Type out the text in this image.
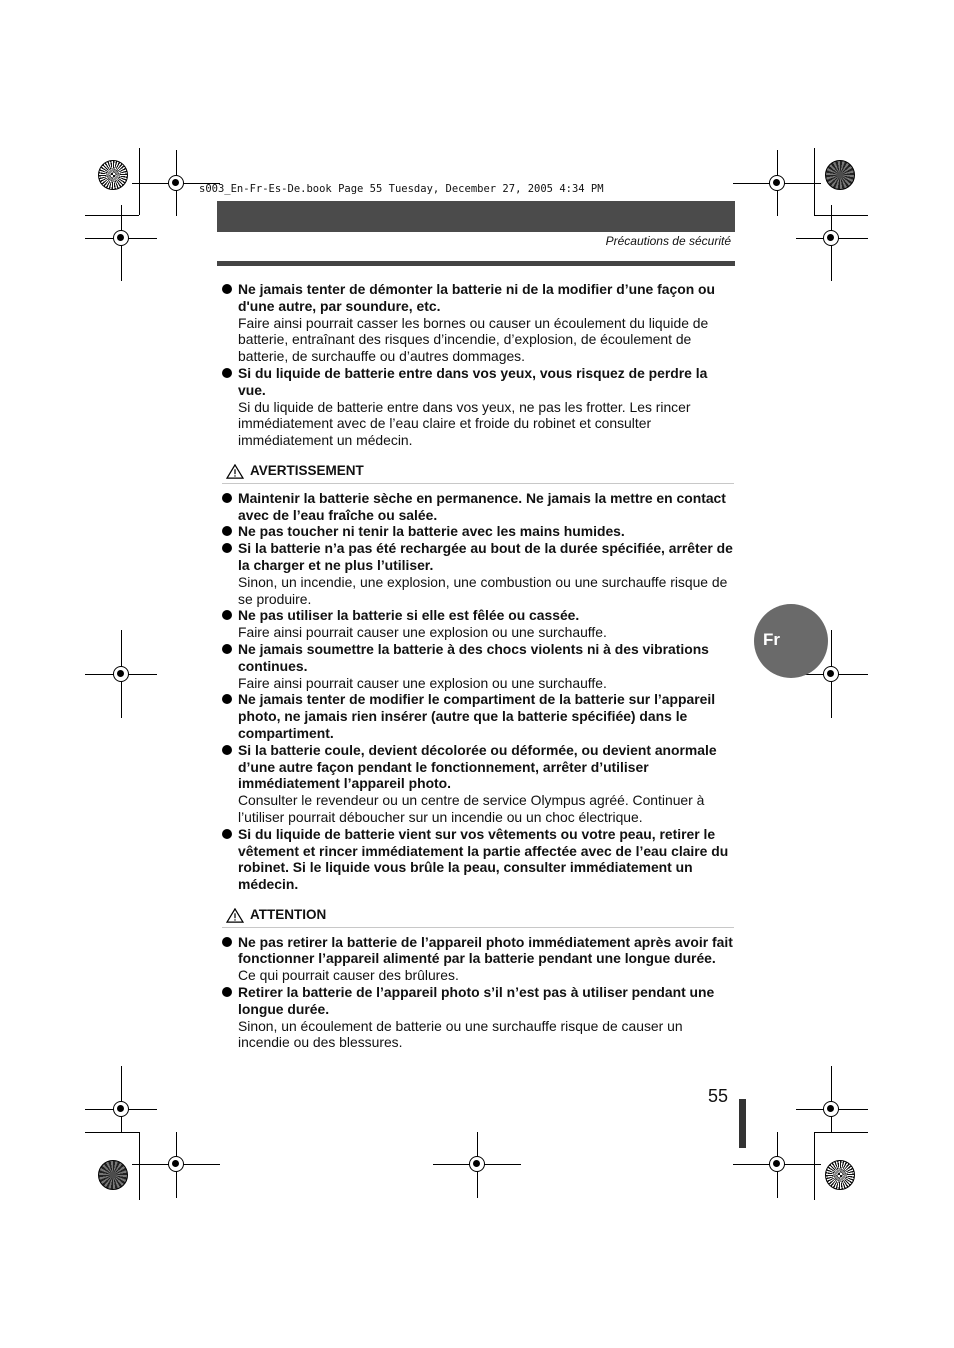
s003_En-Fr-Es-De.book Page 55 Tuesday, December 27, 2005 4:34 PM
Précautions de sécurité
Ne jamais tenter de démonter la batterie ni de la modifier d’une façon ou d'une autre, par soundure, etc.
Faire ainsi pourrait casser les bornes ou causer un écoulement du liquide de batterie, entraînant des risques d’incendie, d’explosion, de écoulement de batterie, de surchauffe ou d’autres dommages.
Si du liquide de batterie entre dans vos yeux, vous risquez de perdre la vue.
Si du liquide de batterie entre dans vos yeux, ne pas les frotter. Les rincer immédiatement avec de l’eau claire et froide du robinet et consulter immédiatement un médecin.
AVERTISSEMENT
Maintenir la batterie sèche en permanence. Ne jamais la mettre en contact avec de l’eau fraîche ou salée.
Ne pas toucher ni tenir la batterie avec les mains humides.
Si la batterie n’a pas été rechargée au bout de la durée spécifiée, arrêter de la charger et ne plus l’utiliser.
Sinon, un incendie, une explosion, une combustion ou une surchauffe risque de se produire.
Ne pas utiliser la batterie si elle est fêlée ou cassée.
Faire ainsi pourrait causer une explosion ou une surchauffe.
Ne jamais soumettre la batterie à des chocs violents ni à des vibrations continues.
Faire ainsi pourrait causer une explosion ou une surchauffe.
Ne jamais tenter de modifier le compartiment de la batterie sur l’appareil photo, ne jamais rien insérer (autre que la batterie spécifiée) dans le compartiment.
Si la batterie coule, devient décolorée ou déformée, ou devient anormale d’une autre façon pendant le fonctionnement, arrêter d’utiliser immédiatement l’appareil photo.
Consulter le revendeur ou un centre de service Olympus agréé. Continuer à l’utiliser pourrait déboucher sur un incendie ou un choc électrique.
Si du liquide de batterie vient sur vos vêtements ou votre peau, retirer le vêtement et rincer immédiatement la partie affectée avec de l’eau claire du robinet. Si le liquide vous brûle la peau, consulter immédiatement un médecin.
ATTENTION
Ne pas retirer la batterie de l’appareil photo immédiatement après avoir fait fonctionner l’appareil alimenté par la batterie pendant une longue durée.
Ce qui pourrait causer des brûlures.
Retirer la batterie de l’appareil photo s’il n’est pas à utiliser pendant une longue durée.
Sinon, un écoulement de batterie ou une surchauffe risque de causer un incendie ou des blessures.
Fr
55
